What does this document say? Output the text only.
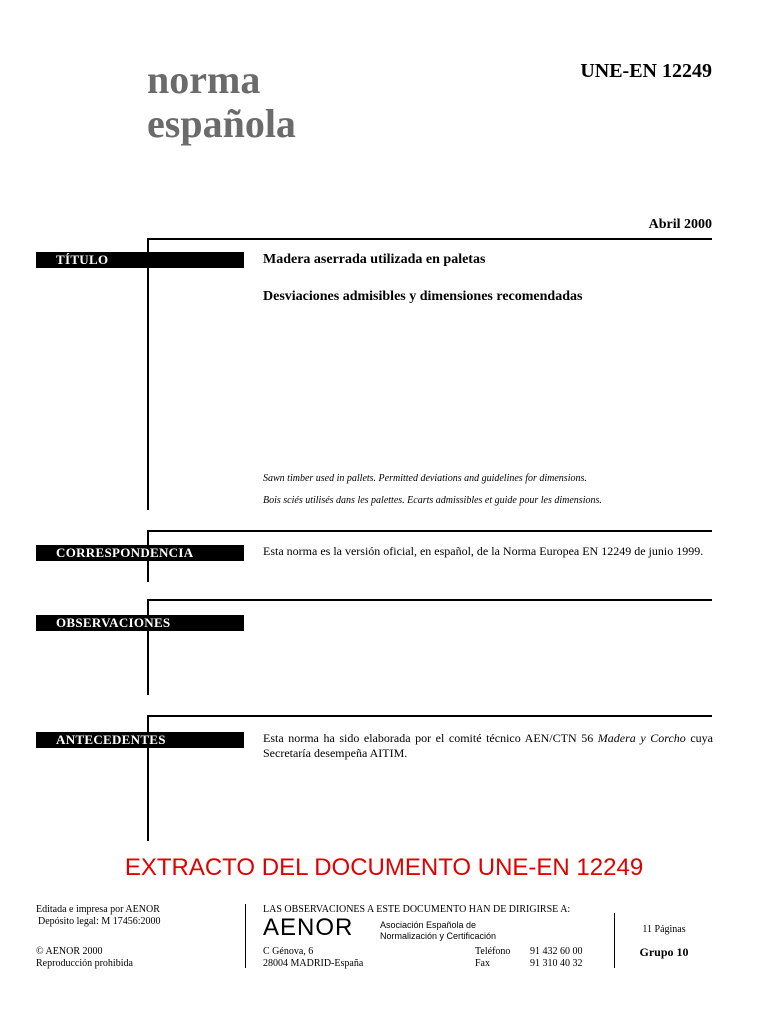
norma
española
UNE-EN 12249
Abril 2000
TÍTULO	Madera aserrada utilizada en paletas
Desviaciones admisibles y dimensiones recomendadas
Sawn timber used in pallets. Permitted deviations and guidelines for dimensions.
Bois sciés utilisés dans les palettes. Ecarts admissibles et guide pour les dimensions.
CORRESPONDENCIA	Esta norma es la versión oficial, en español, de la Norma Europea EN 12249 de junio 1999.
OBSERVACIONES
ANTECEDENTES	Esta norma ha sido elaborada por el comité técnico AEN/CTN 56 Madera y Corcho cuya Secretaría desempeña AITIM.
EXTRACTO DEL DOCUMENTO UNE-EN 12249
Editada e impresa por AENOR
Depósito legal: M 17456:2000
© AENOR 2000
Reproducción prohibida
LAS OBSERVACIONES A ESTE DOCUMENTO HAN DE DIRIGIRSE A:
AENOR	Asociación Española de
Normalización y Certificación
C Génova, 6
28004 MADRID-España
Teléfono 91 432 60 00
Fax	91 310 40 32
11 Páginas
Grupo 10
